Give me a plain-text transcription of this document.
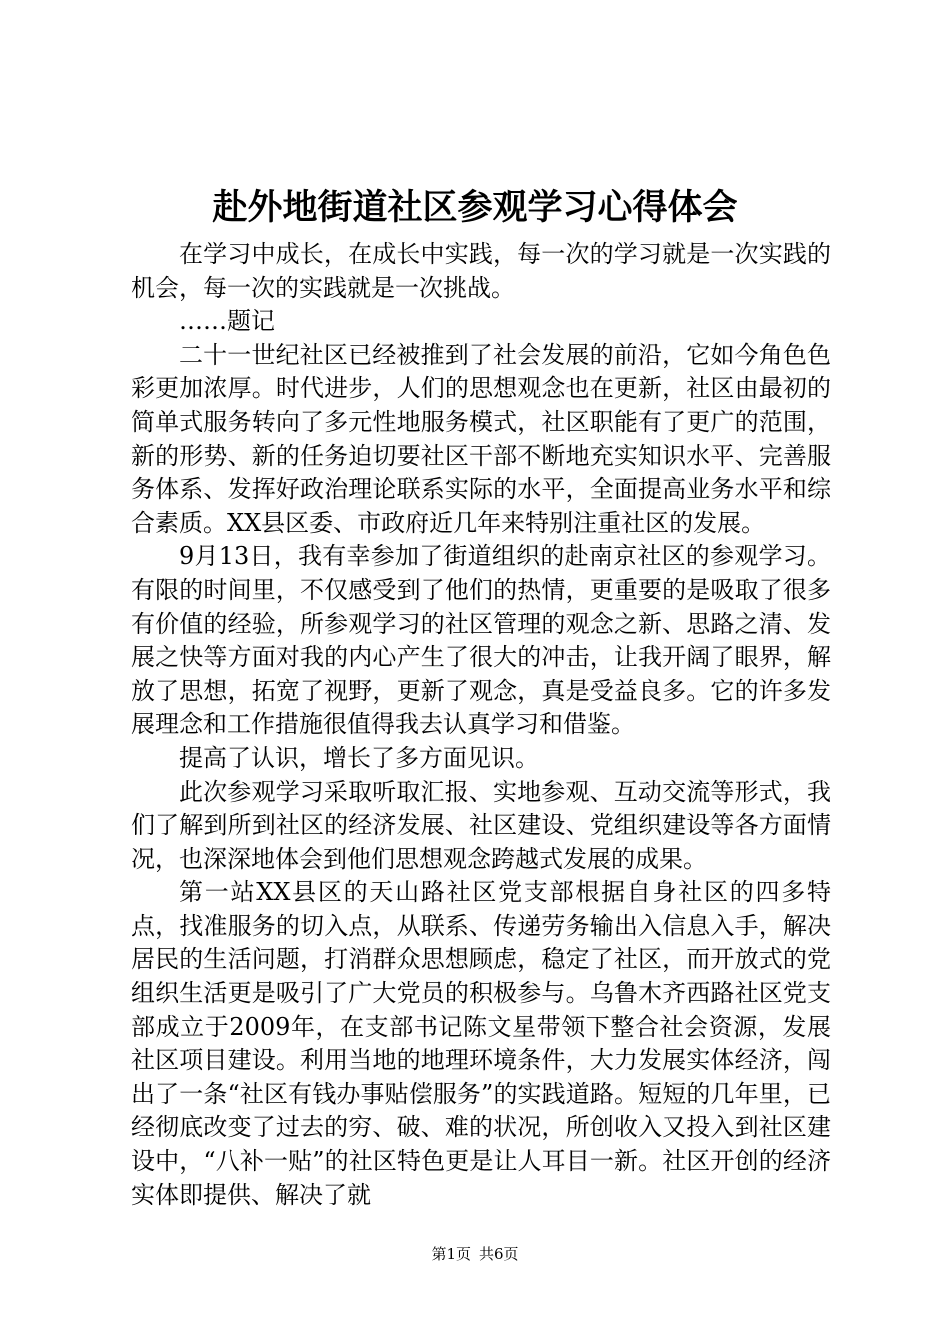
赴外地街道社区参观学习心得体会

在学习中成长，在成长中实践，每一次的学习就是一次实践的机会，每一次的实践就是一次挑战。

……题记

二十一世纪社区已经被推到了社会发展的前沿，它如今角色色彩更加浓厚。时代进步，人们的思想观念也在更新，社区由最初的简单式服务转向了多元性地服务模式，社区职能有了更广的范围，新的形势、新的任务迫切要社区干部不断地充实知识水平、完善服务体系、发挥好政治理论联系实际的水平，全面提高业务水平和综合素质。XX县区委、市政府近几年来特别注重社区的发展。

9月13日，我有幸参加了街道组织的赴南京社区的参观学习。有限的时间里，不仅感受到了他们的热情，更重要的是吸取了很多有价值的经验，所参观学习的社区管理的观念之新、思路之清、发展之快等方面对我的内心产生了很大的冲击，让我开阔了眼界，解放了思想，拓宽了视野，更新了观念，真是受益良多。它的许多发展理念和工作措施很值得我去认真学习和借鉴。

提高了认识，增长了多方面见识。

此次参观学习采取听取汇报、实地参观、互动交流等形式，我们了解到所到社区的经济发展、社区建设、党组织建设等各方面情况，也深深地体会到他们思想观念跨越式发展的成果。

第一站XX县区的天山路社区党支部根据自身社区的四多特点，找准服务的切入点，从联系、传递劳务输出入信息入手，解决居民的生活问题，打消群众思想顾虑，稳定了社区，而开放式的党组织生活更是吸引了广大党员的积极参与。乌鲁木齐西路社区党支部成立于2009年，在支部书记陈文星带领下整合社会资源，发展社区项目建设。利用当地的地理环境条件，大力发展实体经济，闯出了一条“社区有钱办事贴偿服务”的实践道路。短短的几年里，已经彻底改变了过去的穷、破、难的状况，所创收入又投入到社区建设中，“八补一贴”的社区特色更是让人耳目一新。社区开创的经济实体即提供、解决了就

第1页 共6页
